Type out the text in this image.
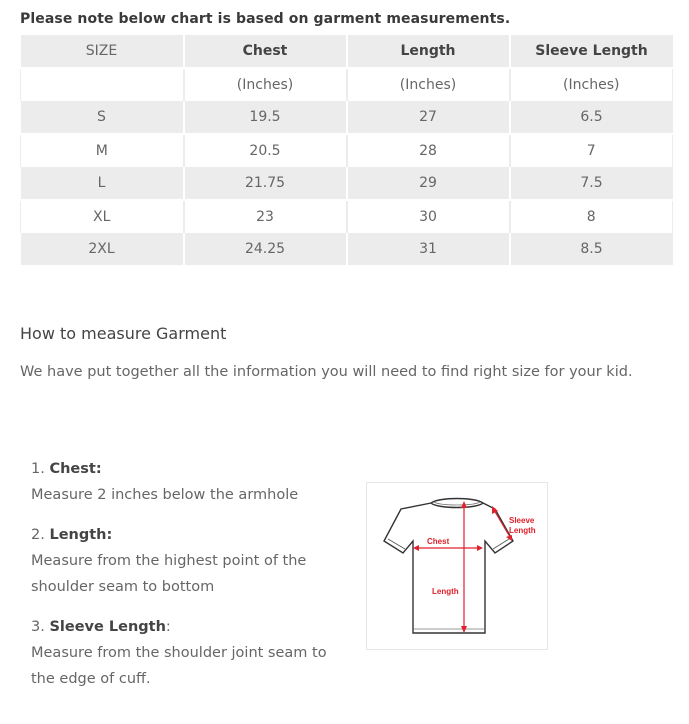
Please note below chart is based on garment measurements.
SIZE	Chest	Length	Sleeve Length
	(Inches)	(Inches)	(Inches)
S	19.5	27	6.5
M	20.5	28	7
L	21.75	29	7.5
XL	23	30	8
2XL	24.25	31	8.5
How to measure Garment
We have put together all the information you will need to find right size for your kid.

1. Chest:

Measure 2 inches below the armhole

2. Length:

Measure from the highest point of the shoulder seam to bottom

3. Sleeve Length:

Measure from the shoulder joint seam to the edge of cuff.

Chest
Length
Sleeve
Length
